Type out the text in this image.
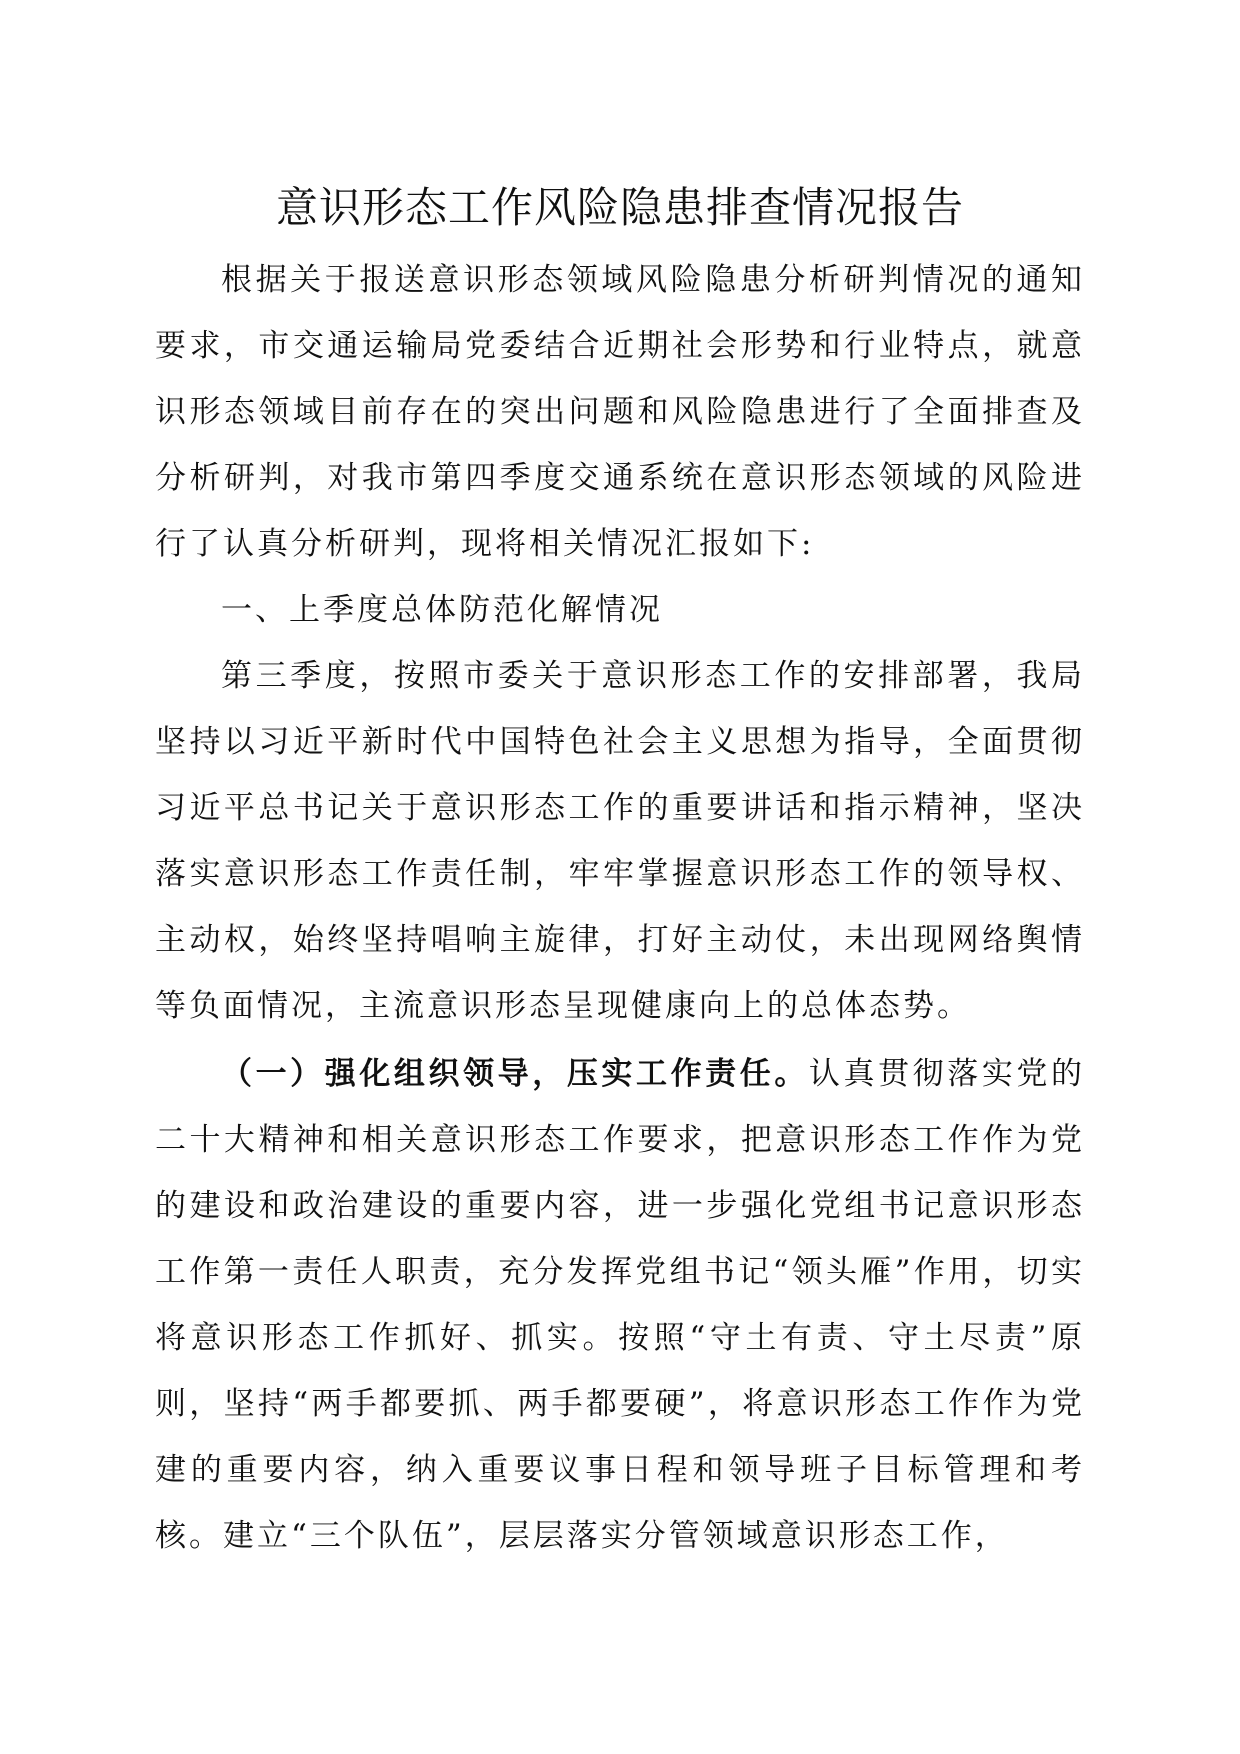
意识形态工作风险隐患排查情况报告

根据关于报送意识形态领域风险隐患分析研判情况的通知要求，市交通运输局党委结合近期社会形势和行业特点，就意识形态领域目前存在的突出问题和风险隐患进行了全面排查及分析研判，对我市第四季度交通系统在意识形态领域的风险进行了认真分析研判，现将相关情况汇报如下:

一、上季度总体防范化解情况

第三季度，按照市委关于意识形态工作的安排部署，我局坚持以习近平新时代中国特色社会主义思想为指导，全面贯彻习近平总书记关于意识形态工作的重要讲话和指示精神，坚决落实意识形态工作责任制，牢牢掌握意识形态工作的领导权、主动权，始终坚持唱响主旋律，打好主动仗，未出现网络舆情等负面情况，主流意识形态呈现健康向上的总体态势。

（一）强化组织领导，压实工作责任。认真贯彻落实党的二十大精神和相关意识形态工作要求，把意识形态工作作为党的建设和政治建设的重要内容，进一步强化党组书记意识形态工作第一责任人职责，充分发挥党组书记“领头雁”作用，切实将意识形态工作抓好、抓实。按照“守土有责、守土尽责”原则，坚持“两手都要抓、两手都要硬”，将意识形态工作作为党建的重要内容，纳入重要议事日程和领导班子目标管理和考核。建立“三个队伍”，层层落实分管领域意识形态工作，
